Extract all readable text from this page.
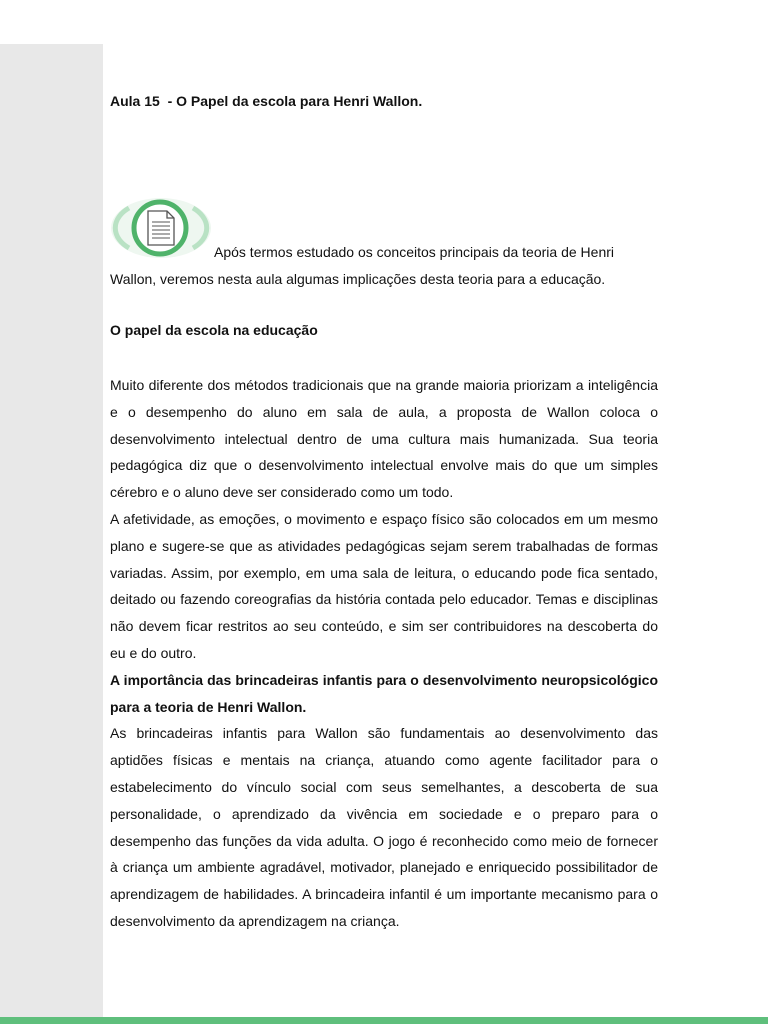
Aula 15  - O Papel da escola para Henri Wallon.

Após termos estudado os conceitos principais da teoria de Henri Wallon, veremos nesta aula algumas implicações desta teoria para a educação.

O papel da escola na educação

Muito diferente dos métodos tradicionais que na grande maioria priorizam a inteligência e o desempenho do aluno em sala de aula, a proposta de Wallon coloca o desenvolvimento intelectual dentro de uma cultura mais humanizada. Sua teoria pedagógica diz que o desenvolvimento intelectual envolve mais do que um simples cérebro e o aluno deve ser considerado como um todo.

A afetividade, as emoções, o movimento e espaço físico são colocados em um mesmo plano e sugere-se que as atividades pedagógicas sejam serem trabalhadas de formas variadas. Assim, por exemplo, em uma sala de leitura, o educando pode fica sentado, deitado ou fazendo coreografias da história contada pelo educador. Temas e disciplinas não devem ficar restritos ao seu conteúdo, e sim ser contribuidores na descoberta do eu e do outro.

A importância das brincadeiras infantis para o desenvolvimento neuropsicológico para a teoria de Henri Wallon.

As brincadeiras infantis para Wallon são fundamentais ao desenvolvimento das aptidões físicas e mentais na criança, atuando como agente facilitador para o estabelecimento do vínculo social com seus semelhantes, a descoberta de sua personalidade, o aprendizado da vivência em sociedade e o preparo para o desempenho das funções da vida adulta. O jogo é reconhecido como meio de fornecer à criança um ambiente agradável, motivador, planejado e enriquecido possibilitador de aprendizagem de habilidades. A brincadeira infantil é um importante mecanismo para o desenvolvimento da aprendizagem na criança.
